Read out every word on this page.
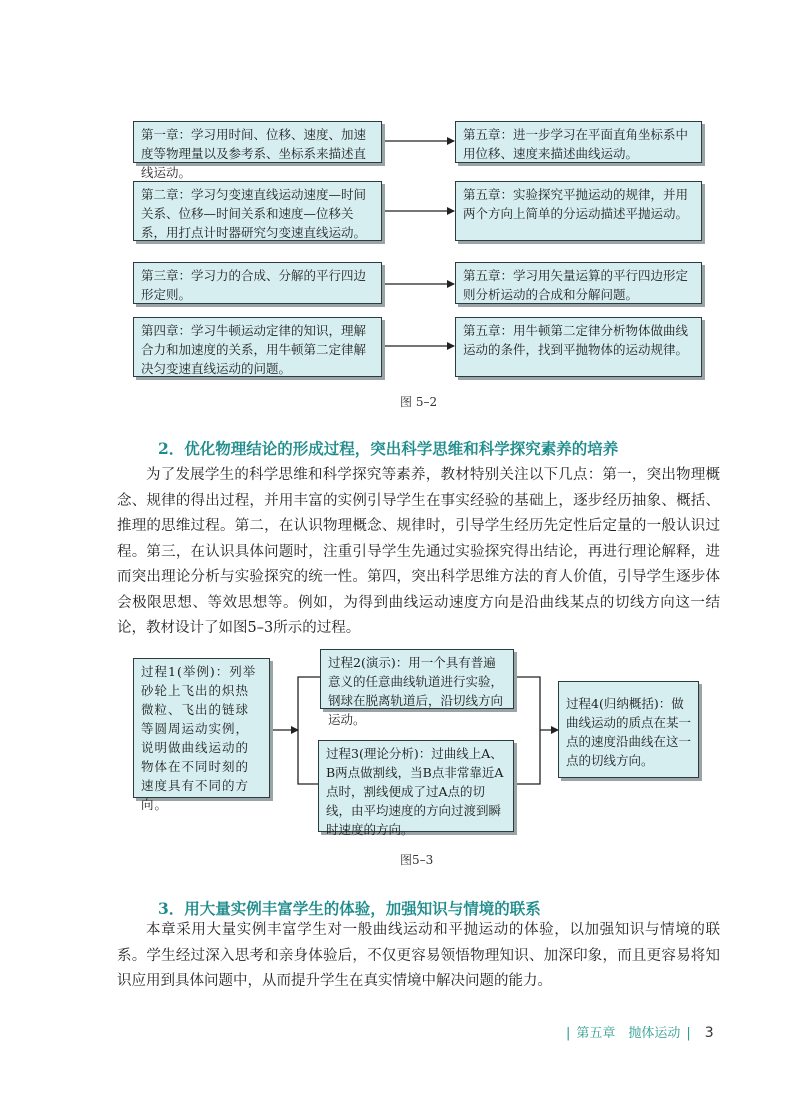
第一章：学习用时间、位移、速度、加速度等物理量以及参考系、坐标系来描述直线运动。
第二章：学习匀变速直线运动速度—时间关系、位移—时间关系和速度—位移关系，用打点计时器研究匀变速直线运动。
第三章：学习力的合成、分解的平行四边形定则。
第四章：学习牛顿运动定律的知识，理解合力和加速度的关系，用牛顿第二定律解决匀变速直线运动的问题。
第五章：进一步学习在平面直角坐标系中用位移、速度来描述曲线运动。
第五章：实验探究平抛运动的规律，并用两个方向上简单的分运动描述平抛运动。
第五章：学习用矢量运算的平行四边形定则分析运动的合成和分解问题。
第五章：用牛顿第二定律分析物体做曲线运动的条件，找到平抛物体的运动规律。
图 5–2
2．优化物理结论的形成过程，突出科学思维和科学探究素养的培养

为了发展学生的科学思维和科学探究等素养，教材特别关注以下几点：第一，突出物理概念、规律的得出过程，并用丰富的实例引导学生在事实经验的基础上，逐步经历抽象、概括、推理的思维过程。第二，在认识物理概念、规律时，引导学生经历先定性后定量的一般认识过程。第三，在认识具体问题时，注重引导学生先通过实验探究得出结论，再进行理论解释，进而突出理论分析与实验探究的统一性。第四，突出科学思维方法的育人价值，引导学生逐步体会极限思想、等效思想等。例如，为得到曲线运动速度方向是沿曲线某点的切线方向这一结论，教材设计了如图5–3所示的过程。

过程1(举例)：列举砂轮上飞出的炽热微粒、飞出的链球等圆周运动实例，说明做曲线运动的物体在不同时刻的速度具有不同的方向。
过程2(演示)：用一个具有普遍意义的任意曲线轨道进行实验，钢球在脱离轨道后，沿切线方向运动。
过程3(理论分析)：过曲线上A、B两点做割线，当B点非常靠近A点时，割线便成了过A点的切线，由平均速度的方向过渡到瞬时速度的方向。
过程4(归纳概括)：做曲线运动的质点在某一点的速度沿曲线在这一点的切线方向。
图5–3
3．用大量实例丰富学生的体验，加强知识与情境的联系

本章采用大量实例丰富学生对一般曲线运动和平抛运动的体验，以加强知识与情境的联系。学生经过深入思考和亲身体验后，不仅更容易领悟物理知识、加深印象，而且更容易将知识应用到具体问题中，从而提升学生在真实情境中解决问题的能力。

| 第五章　抛体运动 | 3
